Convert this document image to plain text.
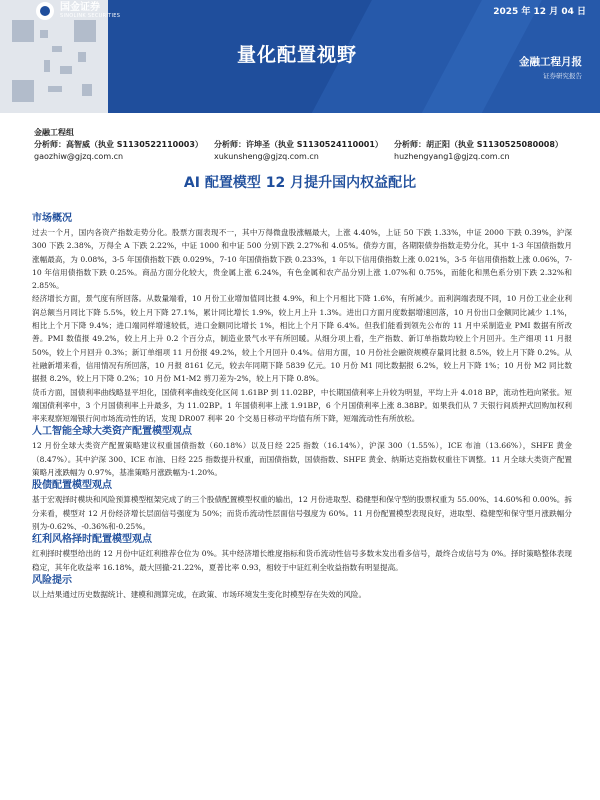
国金证券
SINOLINK SECURITIES	2025 年 12 月 04 日
量化配置视野	金融工程月报
证券研究报告
金融工程组
分析师：高智威（执业 S1130522110003）
gaozhiw@gjzq.com.cn
分析师：许坤圣（执业 S1130524110001）
xukunsheng@gjzq.com.cn
分析师：胡正阳（执业 S1130525080008）
huzhengyang1@gjzq.com.cn
AI 配置模型 12 月提升国内权益配比
市场概况

过去一个月，国内各资产指数走势分化。股票方面表现不一，其中万得微盘股涨幅最大，上涨 4.40%，上证 50 下跌 1.33%，中证 2000 下跌 0.39%，沪深 300 下跌 2.38%，万得全 A 下跌 2.22%，中证 1000 和中证 500 分别下跌 2.27%和 4.05%。债券方面，各期限债券指数走势分化，其中 1-3 年国债指数月涨幅最高，为 0.08%，3-5 年国债指数下跌 0.029%，7-10 年国债指数下跌 0.233%，1 年以下信用债指数上涨 0.021%，3-5 年信用债指数上涨 0.06%，7-10 年信用债指数下跌 0.25%。商品方面分化较大，贵金属上涨 6.24%，有色金属和农产品分别上涨 1.07%和 0.75%，而能化和黑色系分别下跌 2.32%和 2.85%。

经济增长方面，景气度有所回落。从数量端看，10 月份工业增加值同比报 4.9%，和上个月相比下降 1.6%，有所减少。而利润端表现不同，10 月份工业企业利润总额当月同比下降 5.5%，较上月下降 27.1%，累计同比增长 1.9%，较上月上升 1.3%。进出口方面月度数据增速回落，10 月份出口金额同比减少 1.1%，相比上个月下降 9.4%；进口端同样增速较低，进口金额同比增长 1%，相比上个月下降 6.4%。但我们能看到领先公布的 11 月中采制造业 PMI 数据有所改善。PMI 数值报 49.2%，较上月上升 0.2 个百分点，制造业景气水平有所回暖。从细分项上看，生产指数、新订单指数均较上个月回升。生产细项 11 月报 50%，较上个月回升 0.3%；新订单细项 11 月份报 49.2%，较上个月回升 0.4%。信用方面，10 月份社会融资规模存量同比报 8.5%，较上月下降 0.2%。从社融新增来看，信用情况有所回落，10 月报 8161 亿元，较去年同期下降 5839 亿元。10 月份 M1 同比数据报 6.2%，较上月下降 1%；10 月份 M2 同比数据报 8.2%，较上月下降 0.2%；10 月份 M1-M2 剪刀差为-2%，较上月下降 0.8%。

货币方面，国债利率曲线略显平坦化，国债利率曲线变化区间 1.61BP 到 11.02BP，中长期国债利率上升较为明显，平均上升 4.018 BP，流动性趋向紧张。短端国债利率中，3 个月国债利率上升最多，为 11.02BP。1 年国债利率上涨 1.91BP，6 个月国债利率上涨 8.38BP。如果我们从 7 天银行间质押式回购加权利率来观察短端银行间市场流动性的话，发现 DR007 利率 20 个交易日移动平均值有所下降，短端流动性有所放松。

人工智能全球大类资产配置模型观点

12 月份全球大类资产配置策略建议权重国债指数（60.18%）以及日经 225 指数（16.14%），沪深 300（1.55%），ICE 布油（13.66%），SHFE 黄金（8.47%）。其中沪深 300、ICE 布油、日经 225 指数提升权重，而国债指数，国债指数、SHFE 黄金、纳斯达克指数权重往下调整。11 月全球大类资产配置策略月涨跌幅为 0.97%，基准策略月涨跌幅为-1.20%。

股债配置模型观点

基于宏观择时模块和风险预算模型框架完成了的三个股债配置模型权重的输出，12 月份进取型、稳健型和保守型的股票权重为 55.00%、14.60%和 0.00%。拆分来看，模型对 12 月份经济增长层面信号强度为 50%；而货币流动性层面信号强度为 60%。11 月份配置模型表现良好，进取型、稳健型和保守型月涨跌幅分别为-0.62%、-0.36%和-0.25%。

红利风格择时配置模型观点

红利择时模型给出的 12 月份中证红利推荐仓位为 0%。其中经济增长维度指标和货币流动性信号多数未发出看多信号，最终合成信号为 0%。择时策略整体表现稳定，其年化收益率 16.18%，最大回撤-21.22%，夏普比率 0.93，相较于中证红利全收益指数有明显提高。

风险提示

以上结果通过历史数据统计、建模和测算完成，在政策、市场环境发生变化时模型存在失效的风险。
